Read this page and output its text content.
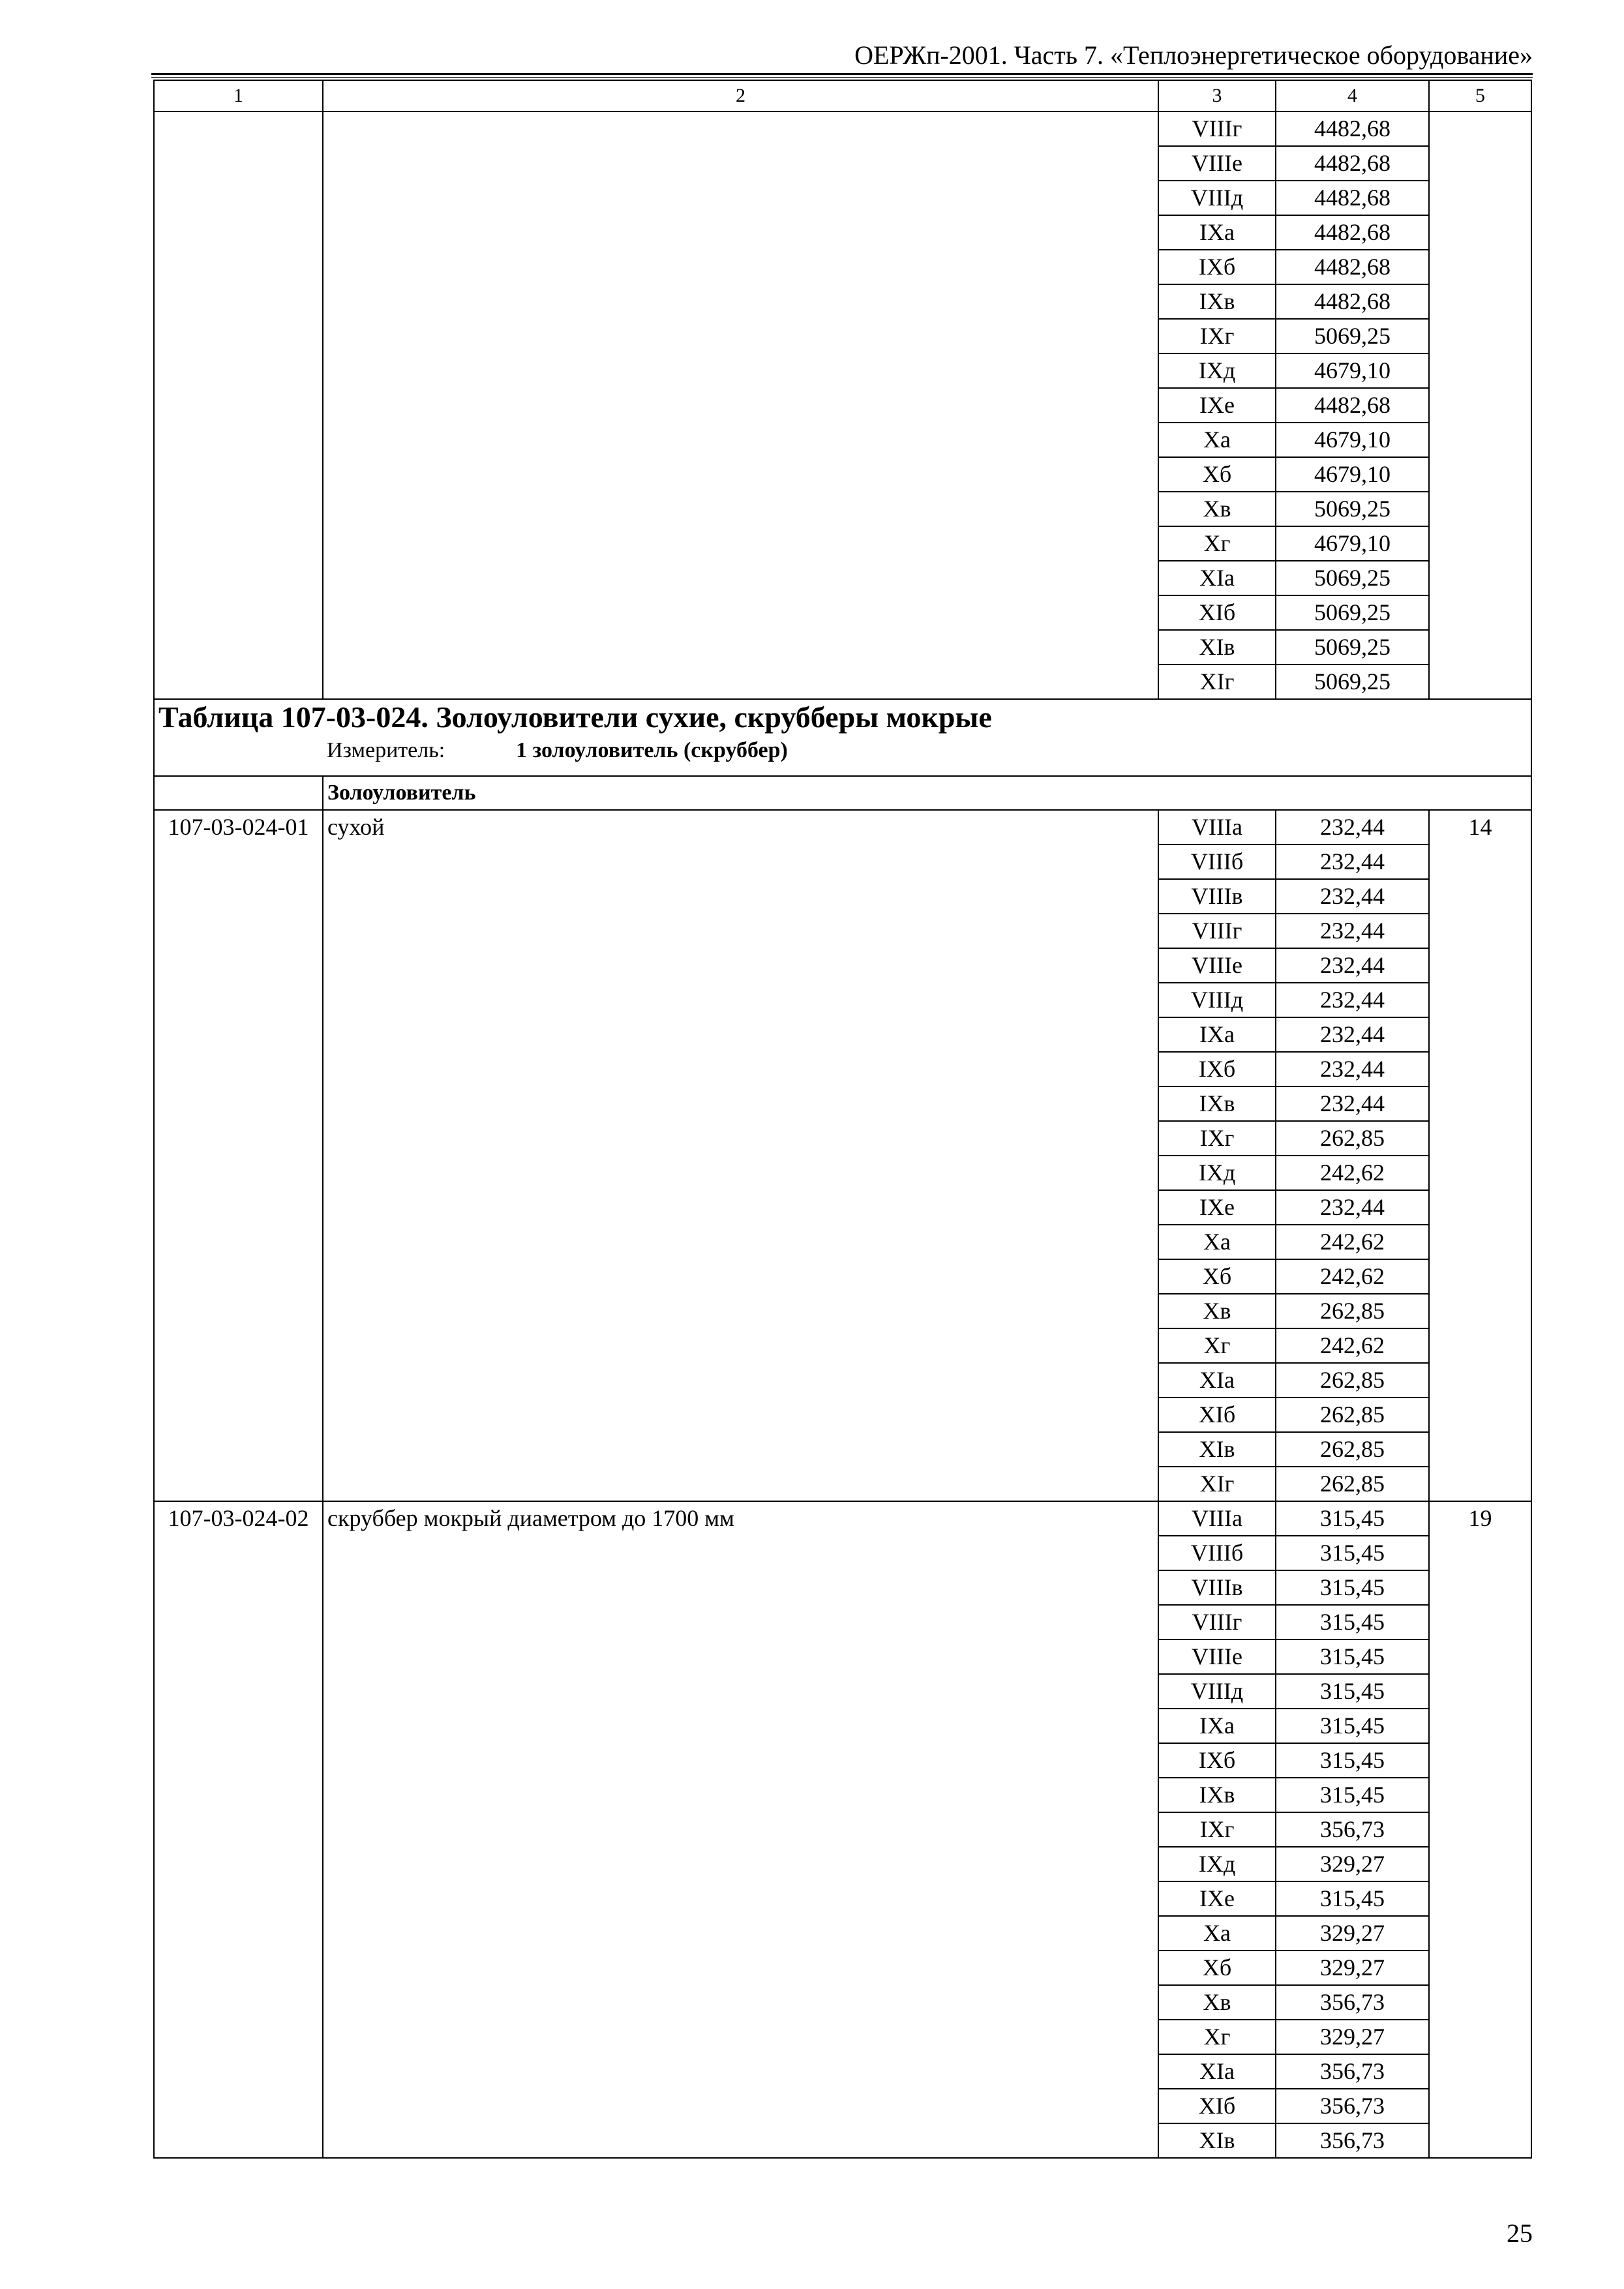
ОЕРЖп-2001. Часть 7. «Теплоэнергетическое оборудование»
1	2	3	4	5
		VIIIг	4482,68	
		VIIIе	4482,68	
		VIIIд	4482,68	
		IXа	4482,68	
		IXб	4482,68	
		IXв	4482,68	
		IXг	5069,25	
		IXд	4679,10	
		IXе	4482,68	
		Xа	4679,10	
		Xб	4679,10	
		Xв	5069,25	
		Xг	4679,10	
		XIа	5069,25	
		XIб	5069,25	
		XIв	5069,25	
		XIг	5069,25	

Таблица 107-03-024. Золоуловители сухие, скрубберы мокрые
Измеритель: 1 золоуловитель (скруббер)				

	Золоуловитель			
107-03-024-01	сухой	VIIIа	232,44	14
		VIIIб	232,44	
		VIIIв	232,44	
		VIIIг	232,44	
		VIIIе	232,44	
		VIIIд	232,44	
		IXа	232,44	
		IXб	232,44	
		IXв	232,44	
		IXг	262,85	
		IXд	242,62	
		IXе	232,44	
		Xа	242,62	
		Xб	242,62	
		Xв	262,85	
		Xг	242,62	
		XIа	262,85	
		XIб	262,85	
		XIв	262,85	
		XIг	262,85	
107-03-024-02	скруббер мокрый диаметром до 1700 мм	VIIIа	315,45	19
		VIIIб	315,45	
		VIIIв	315,45	
		VIIIг	315,45	
		VIIIе	315,45	
		VIIIд	315,45	
		IXа	315,45	
		IXб	315,45	
		IXв	315,45	
		IXг	356,73	
		IXд	329,27	
		IXе	315,45	
		Xа	329,27	
		Xб	329,27	
		Xв	356,73	
		Xг	329,27	
		XIа	356,73	
		XIб	356,73	
		XIв	356,73	
25
